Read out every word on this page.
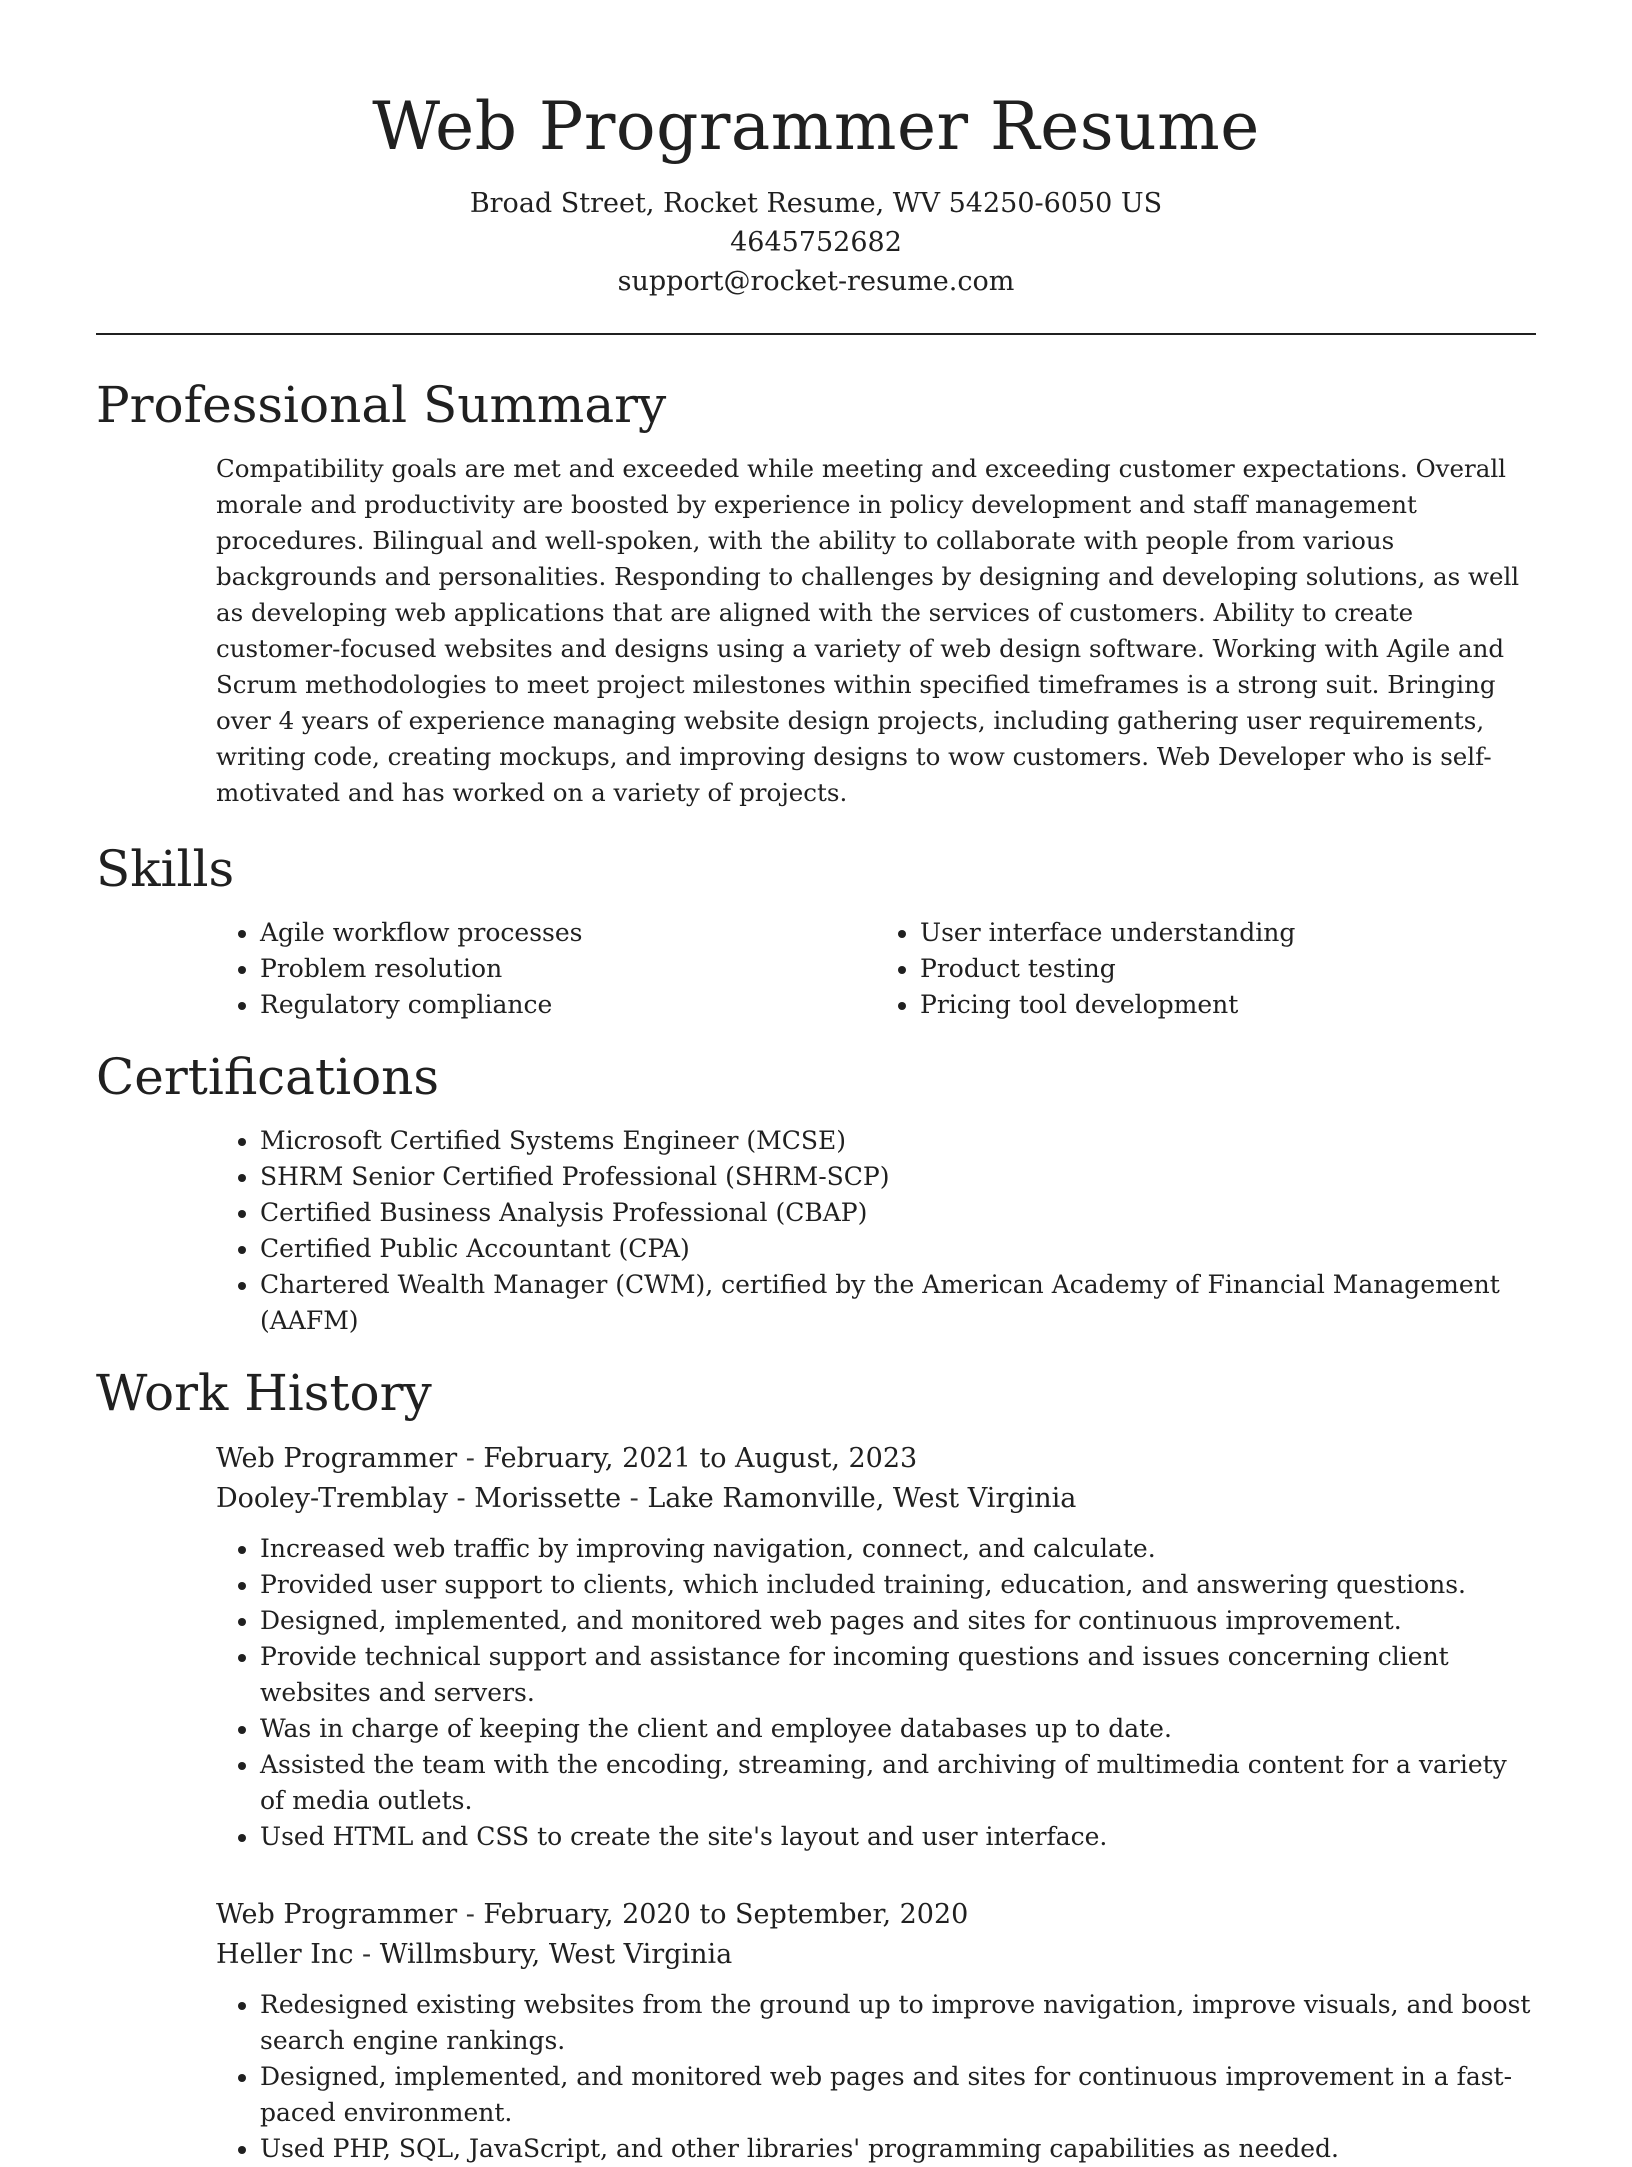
Web Programmer Resume
Broad Street, Rocket Resume, WV 54250-6050 US
4645752682
support@rocket-resume.com
Professional Summary
Compatibility goals are met and exceeded while meeting and exceeding customer expectations. Overall morale and productivity are boosted by experience in policy development and staff management procedures. Bilingual and well-spoken, with the ability to collaborate with people from various backgrounds and personalities. Responding to challenges by designing and developing solutions, as well as developing web applications that are aligned with the services of customers. Ability to create customer-focused websites and designs using a variety of web design software. Working with Agile and Scrum methodologies to meet project milestones within specified timeframes is a strong suit. Bringing over 4 years of experience managing website design projects, including gathering user requirements, writing code, creating mockups, and improving designs to wow customers. Web Developer who is self-motivated and has worked on a variety of projects.
Skills
• Agile workflow processes
• Problem resolution
• Regulatory compliance
• User interface understanding
• Product testing
• Pricing tool development
Certifications
• Microsoft Certified Systems Engineer (MCSE)
• SHRM Senior Certified Professional (SHRM-SCP)
• Certified Business Analysis Professional (CBAP)
• Certified Public Accountant (CPA)
• Chartered Wealth Manager (CWM), certified by the American Academy of Financial Management (AAFM)
Work History
Web Programmer - February, 2021 to August, 2023
Dooley-Tremblay - Morissette - Lake Ramonville, West Virginia
• Increased web traffic by improving navigation, connect, and calculate.
• Provided user support to clients, which included training, education, and answering questions.
• Designed, implemented, and monitored web pages and sites for continuous improvement.
• Provide technical support and assistance for incoming questions and issues concerning client websites and servers.
• Was in charge of keeping the client and employee databases up to date.
• Assisted the team with the encoding, streaming, and archiving of multimedia content for a variety of media outlets.
• Used HTML and CSS to create the site's layout and user interface.
Web Programmer - February, 2020 to September, 2020
Heller Inc - Willmsbury, West Virginia
• Redesigned existing websites from the ground up to improve navigation, improve visuals, and boost search engine rankings.
• Designed, implemented, and monitored web pages and sites for continuous improvement in a fast-paced environment.
• Used PHP, SQL, JavaScript, and other libraries' programming capabilities as needed.
